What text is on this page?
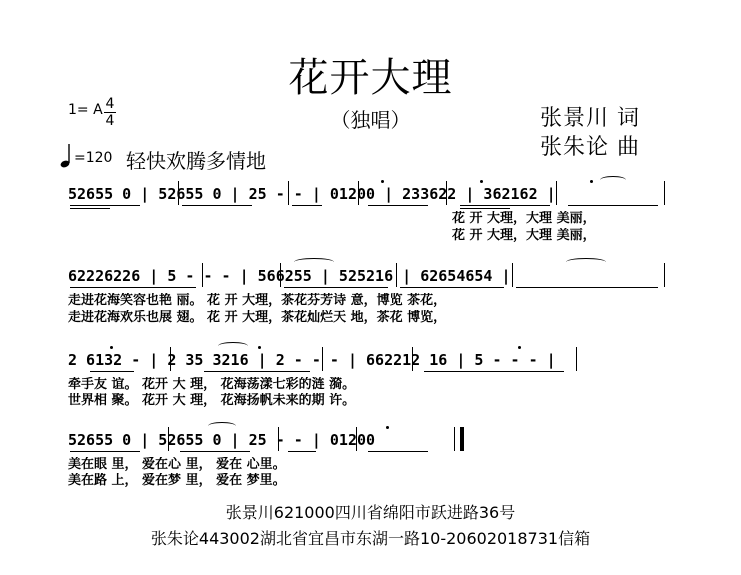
花开大理
（独唱）	张景川 词
张朱论 曲
1= A 4
4
=120 轻快欢腾多情地
52655 0 | 52655 0 | 25 - - | 01200 | 233622 | 362162 |
花 开 大理，大理 美丽，
花 开 大理，大理 美丽，
62226226 | 5 - - - | 566255 | 525216 | 62654654 |
走进花海笑容也艳 丽。 花 开 大理，茶花芬芳诗 意，博览 茶花，
走进花海欢乐也展 翅。 花 开 大理，茶花灿烂天 地，茶花 博览，
2 6132 - | 2 35 3216 | 2 - - - | 662212 16 | 5 - - - |
牵手友 谊。 花开 大 理， 花海荡漾七彩的涟 漪。
世界相 聚。 花开 大 理， 花海扬帆未来的期 许。
52655 0 | 52655 0 | 25 - - | 01200
美在眼 里， 爱在心 里， 爱在 心里。
美在路 上， 爱在梦 里， 爱在 梦里。
张景川621000四川省绵阳市跃进路36号
张朱论443002湖北省宜昌市东湖一路10-20602018731信箱
